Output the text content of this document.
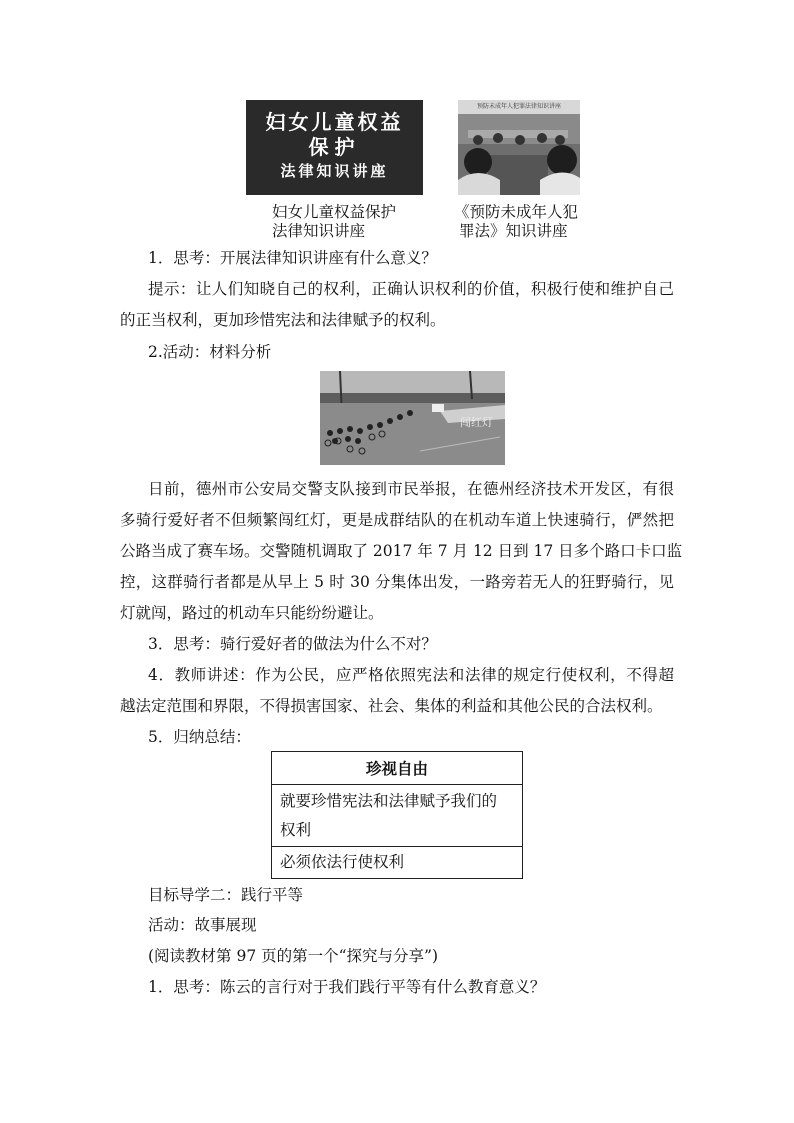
妇女儿童权益
保护
法律知识讲座
预防未成年人犯罪法律知识讲座
妇女儿童权益保护
法律知识讲座
《预防未成年人犯
罪法》知识讲座
1．思考：开展法律知识讲座有什么意义？
提示：让人们知晓自己的权利，正确认识权利的价值，积极行使和维护自己
的正当权利，更加珍惜宪法和法律赋予的权利。
2.活动：材料分析
闯红灯
日前，德州市公安局交警支队接到市民举报，在德州经济技术开发区，有很
多骑行爱好者不但频繁闯红灯，更是成群结队的在机动车道上快速骑行，俨然把
公路当成了赛车场。交警随机调取了 2017 年 7 月 12 日到 17 日多个路口卡口监
控，这群骑行者都是从早上 5 时 30 分集体出发，一路旁若无人的狂野骑行，见
灯就闯，路过的机动车只能纷纷避让。
3．思考：骑行爱好者的做法为什么不对？
4．教师讲述：作为公民，应严格依照宪法和法律的规定行使权利，不得超
越法定范围和界限，不得损害国家、社会、集体的利益和其他公民的合法权利。
5．归纳总结：
珍视自由
就要珍惜宪法和法律赋予我们的
权利
必须依法行使权利
目标导学二：践行平等
活动：故事展现
(阅读教材第 97 页的第一个“探究与分享”)
1．思考：陈云的言行对于我们践行平等有什么教育意义？
